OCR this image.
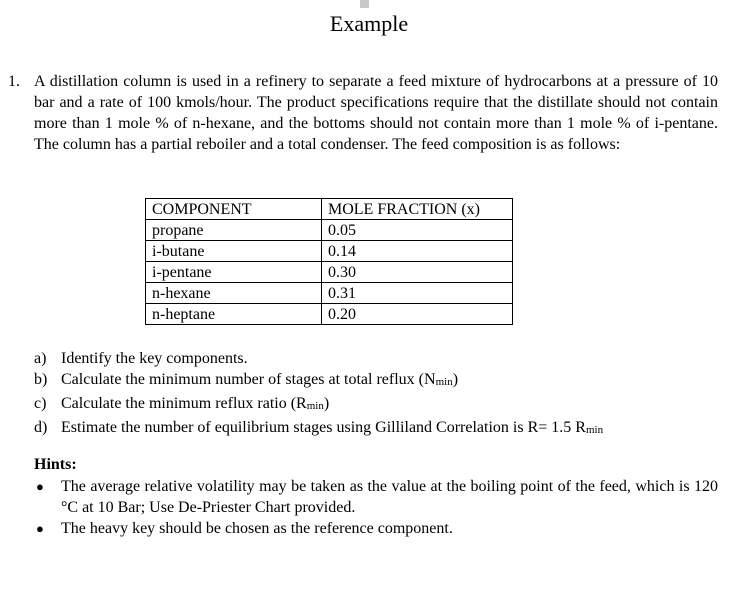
Example
1. A distillation column is used in a refinery to separate a feed mixture of hydrocarbons at a pressure of 10 bar and a rate of 100 kmols/hour. The product specifications require that the distillate should not contain more than 1 mole % of n-hexane, and the bottoms should not contain more than 1 mole % of i-pentane. The column has a partial reboiler and a total condenser. The feed composition is as follows:
COMPONENT	MOLE FRACTION (x)
propane	0.05
i-butane	0.14
i-pentane	0.30
n-hexane	0.31
n-heptane	0.20
a) Identify the key components.
b) Calculate the minimum number of stages at total reflux (Nmin)
c) Calculate the minimum reflux ratio (Rmin)
d) Estimate the number of equilibrium stages using Gilliland Correlation is R= 1.5 Rmin
Hints:
● The average relative volatility may be taken as the value at the boiling point of the feed, which is 120 °C at 10 Bar; Use De-Priester Chart provided.
● The heavy key should be chosen as the reference component.
